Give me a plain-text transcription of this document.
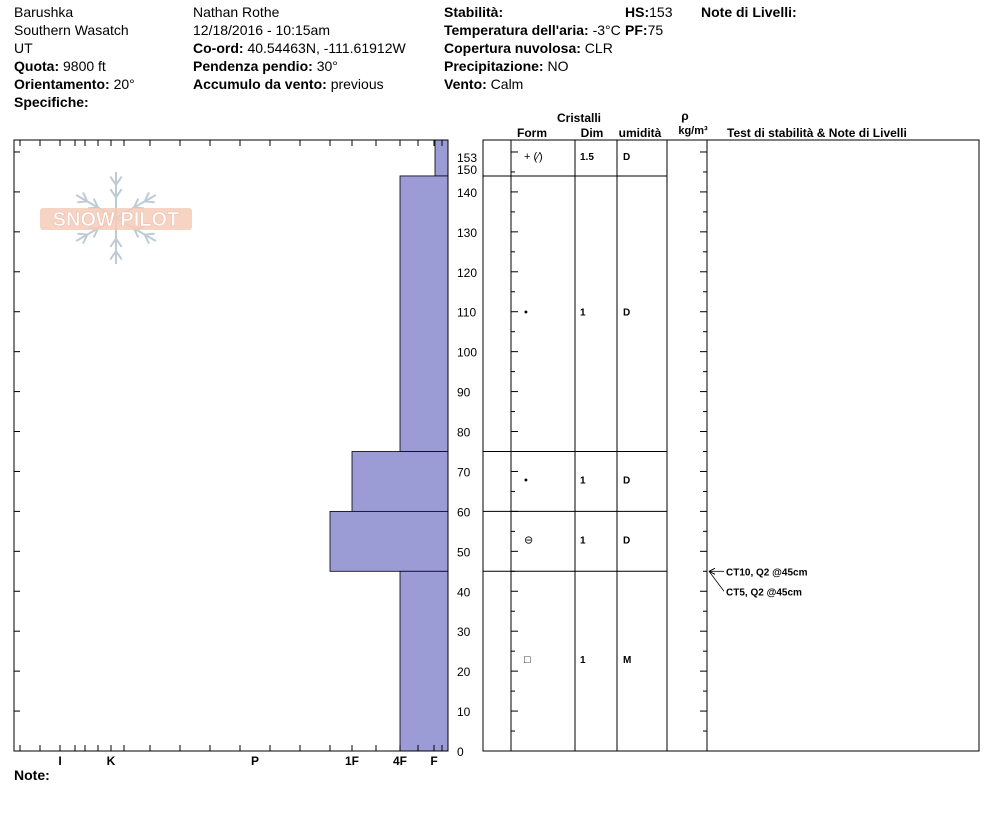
Barushka
Southern Wasatch
UT
Quota: 9800 ft
Orientamento: 20°
Specifiche:
Nathan Rothe
12/18/2016 - 10:15am
Co-ord: 40.54463N, -111.61912W
Pendenza pendio: 30°
Accumulo da vento: previous
Stabilità:
Temperatura dell'aria: -3°C
Copertura nuvolosa: CLR
Precipitazione: NO
Vento: Calm
HS:153
PF:75
Note di Livelli:
SNOW PILOT
I	K	P	1F	4F F
0
10
20
30
40
50
60
70
80
90
100
110
120
130
140
150
153	+ (⁄)	1.5	D
•	1	D
•	1	D
⊖	1	D
□	1	M
CT10, Q2 @45cm
CT5, Q2 @45cm
Cristalli
Form	Dim umidità
ρ
kg/m³ Test di stabilità & Note di Livelli
Note:
